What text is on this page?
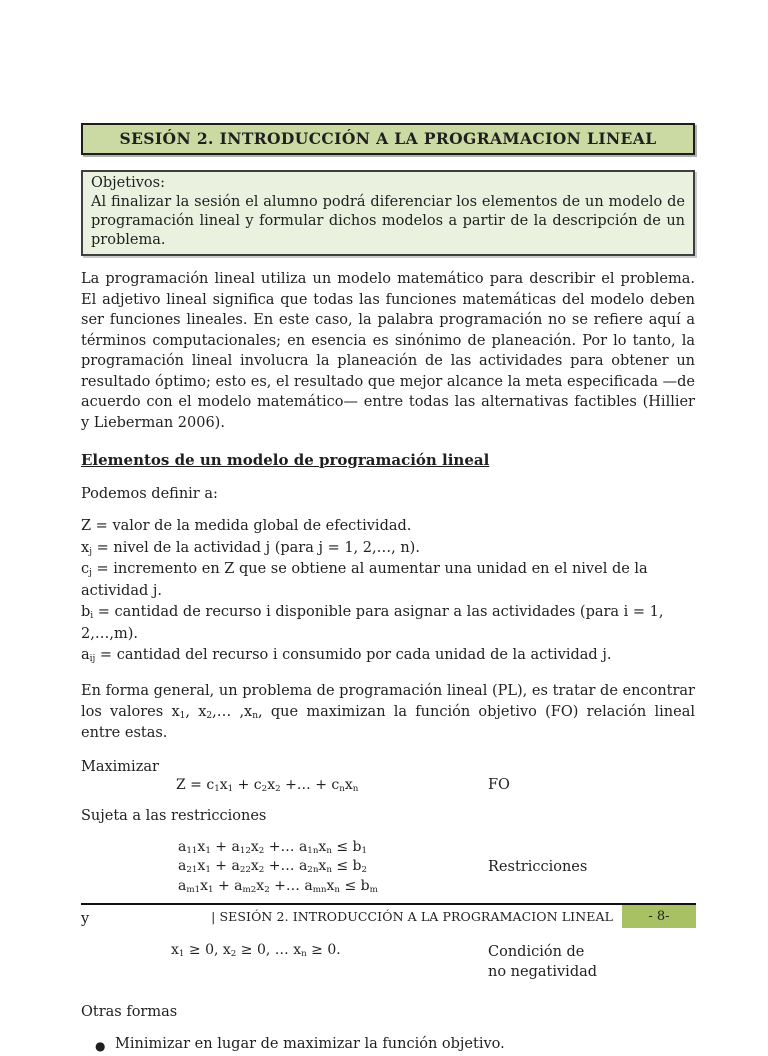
SESIÓN 2. INTRODUCCIÓN A LA PROGRAMACION LINEAL
Objetivos:
Al finalizar la sesión el alumno podrá diferenciar los elementos de un modelo de programación lineal y formular dichos modelos a partir de la descripción de un problema.

La programación lineal utiliza un modelo matemático para describir el problema. El adjetivo lineal significa que todas las funciones matemáticas del modelo deben ser funciones lineales. En este caso, la palabra programación no se refiere aquí a términos computacionales; en esencia es sinónimo de planeación. Por lo tanto, la programación lineal involucra la planeación de las actividades para obtener un resultado óptimo; esto es, el resultado que mejor alcance la meta especificada —de acuerdo con el modelo matemático— entre todas las alternativas factibles (Hillier y Lieberman 2006).

Elementos de un modelo de programación lineal
Podemos definir a:
Z = valor de la medida global de efectividad.
$x_j$ = nivel de la actividad j (para j = 1, 2,…, n).
$c_j$ = incremento en Z que se obtiene al aumentar una unidad en el nivel de la actividad j.
$b_i$ = cantidad de recurso i disponible para asignar a las actividades (para i = 1, 2,…,m).
$a_{ij}$ = cantidad del recurso i consumido por cada unidad de la actividad j.

En forma general, un problema de programación lineal (PL), es tratar de encontrar los valores $x_1$, $x_2,\dots$ $,x_n$, que maximizan la función objetivo (FO) relación lineal entre estas.

Maximizar
$Z = c_1x_1 + c_2x_2$ +… + $c_nx_n$	FO
Sujeta a las restricciones
$a_{11}x_1 + a_{12}x_2$ +… $a_{1n}x_n \le b_1$
$a_{21}x_1 + a_{22}x_2$ +… $a_{2n}x_n \le b_2$
$a_{m1}x_1 + a_{m2}x_2$ +… $a_{mn}x_n \le b_m$
Restricciones
y
$x_1 \ge 0$, $x_2 \ge 0$, … $x_n \ge 0$.	Condición de
no negatividad
Otras formas
● Minimizar en lugar de maximizar la función objetivo.
| SESIÓN 2. INTRODUCCIÓN A LA PROGRAMACION LINEAL	- 8-
